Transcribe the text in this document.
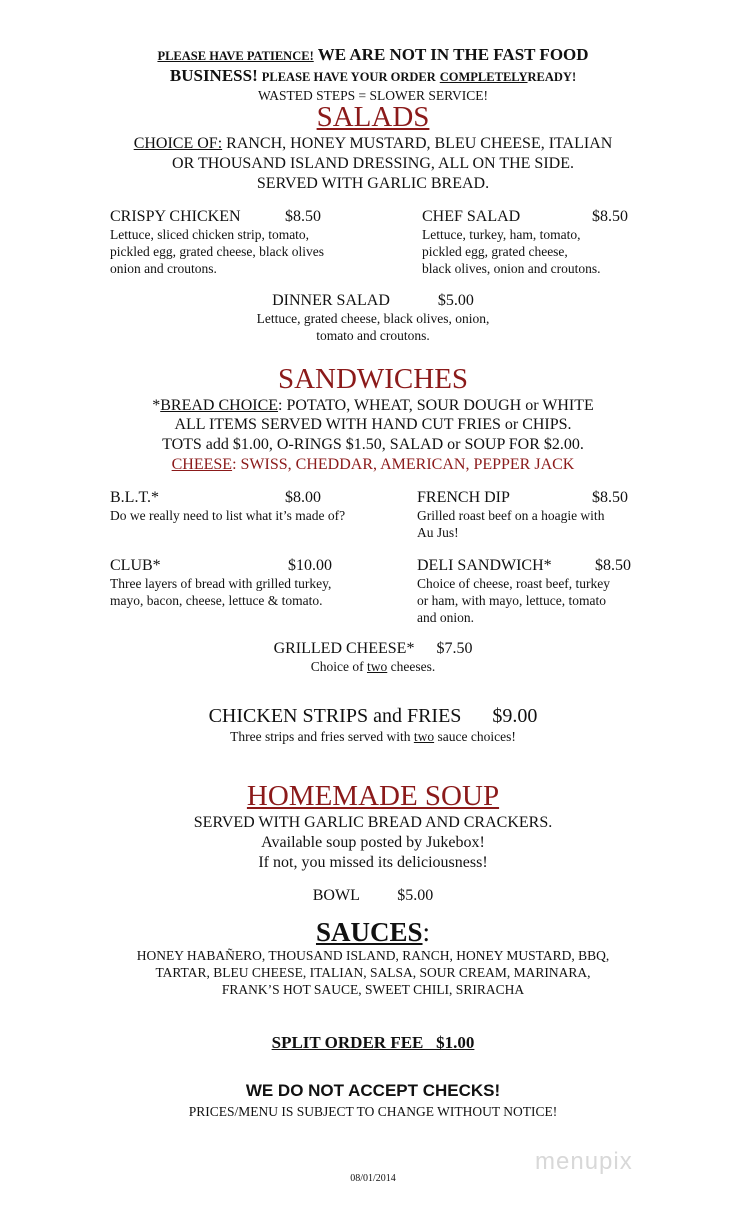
PLEASE HAVE PATIENCE! WE ARE NOT IN THE FAST FOOD
BUSINESS! PLEASE HAVE YOUR ORDER COMPLETELYREADY!
WASTED STEPS = SLOWER SERVICE!
SALADS
CHOICE OF: RANCH, HONEY MUSTARD, BLEU CHEESE, ITALIAN
OR THOUSAND ISLAND DRESSING, ALL ON THE SIDE.
SERVED WITH GARLIC BREAD.
CRISPY CHICKEN	$8.50
Lettuce, sliced chicken strip, tomato,
pickled egg, grated cheese, black olives
onion and croutons.
CHEF SALAD	$8.50
Lettuce, turkey, ham, tomato,
pickled egg, grated cheese,
black olives, onion and croutons.
DINNER SALAD	$5.00
Lettuce, grated cheese, black olives, onion,
tomato and croutons.
SANDWICHES
*BREAD CHOICE: POTATO, WHEAT, SOUR DOUGH or WHITE
ALL ITEMS SERVED WITH HAND CUT FRIES or CHIPS.
TOTS add $1.00, O-RINGS $1.50, SALAD or SOUP FOR $2.00.
CHEESE: SWISS, CHEDDAR, AMERICAN, PEPPER JACK
B.L.T.*	$8.00
Do we really need to list what it’s made of?
FRENCH DIP	$8.50
Grilled roast beef on a hoagie with
Au Jus!
CLUB*	$10.00
Three layers of bread with grilled turkey,
mayo, bacon, cheese, lettuce & tomato.
DELI SANDWICH*	$8.50
Choice of cheese, roast beef, turkey
or ham, with mayo, lettuce, tomato
and onion.
GRILLED CHEESE* $7.50
Choice of two cheeses.
CHICKEN STRIPS and FRIES $9.00
Three strips and fries served with two sauce choices!
HOMEMADE SOUP
SERVED WITH GARLIC BREAD AND CRACKERS.
Available soup posted by Jukebox!
If not, you missed its deliciousness!
BOWL $5.00
SAUCES:
HONEY HABAÑERO, THOUSAND ISLAND, RANCH, HONEY MUSTARD, BBQ,
TARTAR, BLEU CHEESE, ITALIAN, SALSA, SOUR CREAM, MARINARA,
FRANK’S HOT SAUCE, SWEET CHILI, SRIRACHA
SPLIT ORDER FEE   $1.00
WE DO NOT ACCEPT CHECKS!
PRICES/MENU IS SUBJECT TO CHANGE WITHOUT NOTICE!
menupix
08/01/2014
